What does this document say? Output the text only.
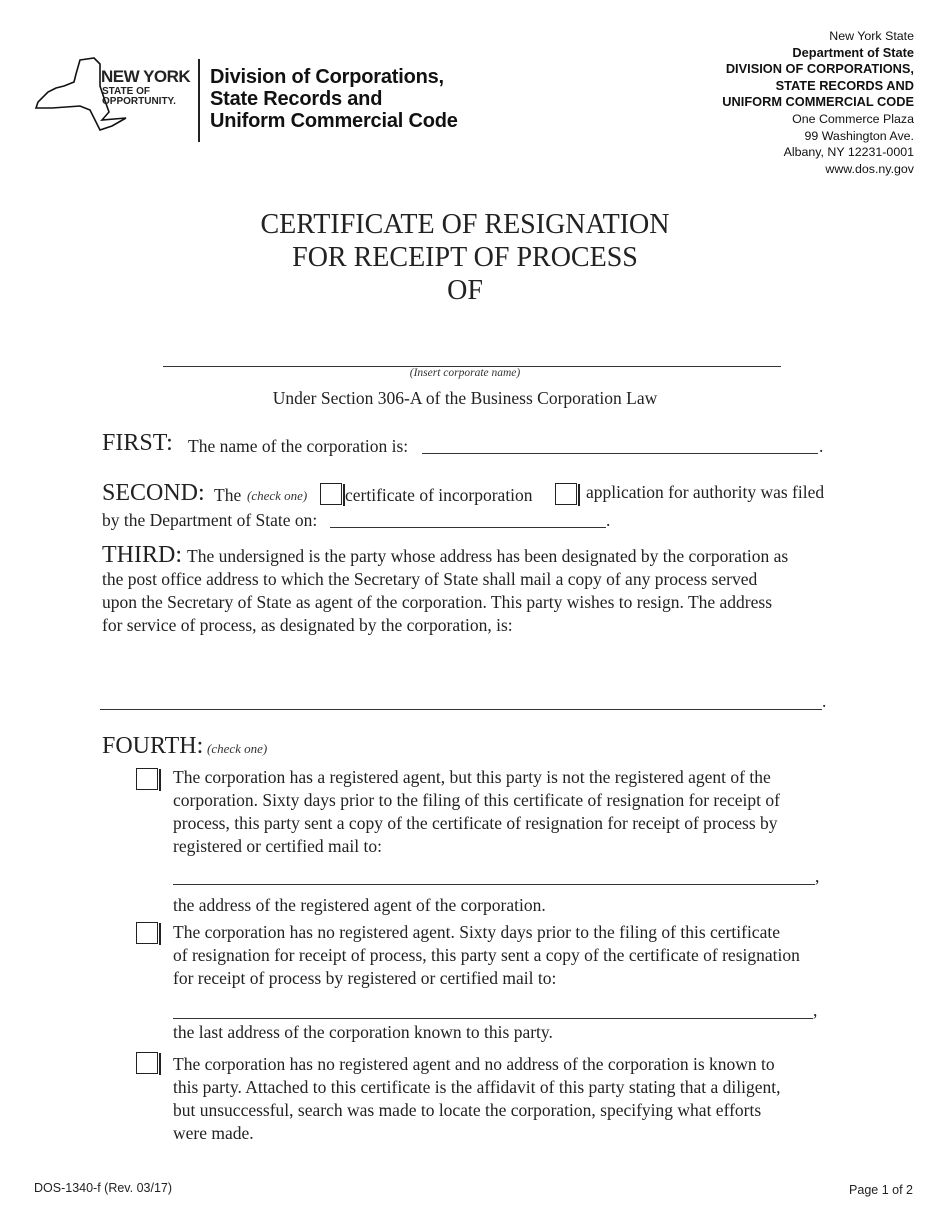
NEW YORK
STATE OF
OPPORTUNITY.
Division of Corporations,
State Records and
Uniform Commercial Code
New York State
Department of State
DIVISION OF CORPORATIONS,
STATE RECORDS AND
UNIFORM COMMERCIAL CODE
One Commerce Plaza
99 Washington Ave.
Albany, NY 12231-0001
www.dos.ny.gov
CERTIFICATE OF RESIGNATION
FOR RECEIPT OF PROCESS
OF
(Insert corporate name)
Under Section 306-A of the Business Corporation Law
FIRST: The name of the corporation is:	.
SECOND: The (check one) certificate of incorporation	application for authority was filed
by the Department of State on:	.
THIRD: The undersigned is the party whose address has been designated by the corporation as
the post office address to which the Secretary of State shall mail a copy of any process served
upon the Secretary of State as agent of the corporation. This party wishes to resign. The address
for service of process, as designated by the corporation, is:
.
FOURTH: (check one)
The corporation has a registered agent, but this party is not the registered agent of the
corporation. Sixty days prior to the filing of this certificate of resignation for receipt of
process, this party sent a copy of the certificate of resignation for receipt of process by
registered or certified mail to:
,
the address of the registered agent of the corporation.
The corporation has no registered agent. Sixty days prior to the filing of this certificate
of resignation for receipt of process, this party sent a copy of the certificate of resignation
for receipt of process by registered or certified mail to:
,
the last address of the corporation known to this party.
The corporation has no registered agent and no address of the corporation is known to
this party. Attached to this certificate is the affidavit of this party stating that a diligent,
but unsuccessful, search was made to locate the corporation, specifying what efforts
were made.
DOS-1340-f (Rev. 03/17)	Page 1 of 2
